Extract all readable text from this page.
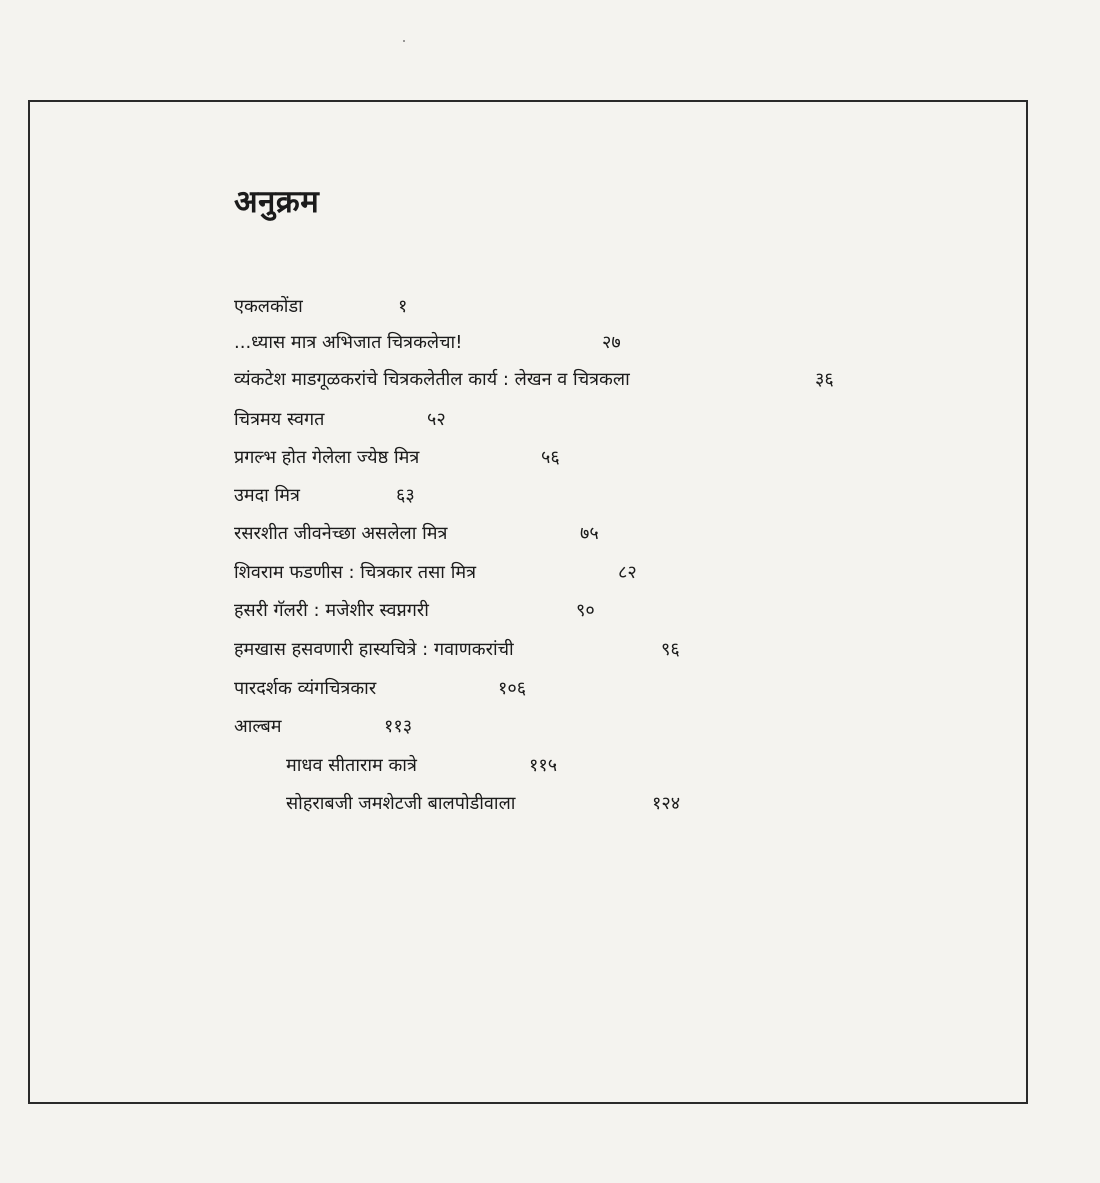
अनुक्रम
एकलकोंडा	१
...ध्यास मात्र अभिजात चित्रकलेचा!	२७
व्यंकटेश माडगूळकरांचे चित्रकलेतील कार्य : लेखन व चित्रकला	३६
चित्रमय स्वगत	५२
प्रगल्भ होत गेलेला ज्येष्ठ मित्र	५६
उमदा मित्र	६३
रसरशीत जीवनेच्छा असलेला मित्र	७५
शिवराम फडणीस : चित्रकार तसा मित्र	८२
हसरी गॅलरी : मजेशीर स्वप्नगरी	९०
हमखास हसवणारी हास्यचित्रे : गवाणकरांची	९६
पारदर्शक व्यंगचित्रकार	१०६
आल्बम	११३
माधव सीताराम कात्रे	११५
सोहराबजी जमशेटजी बालपोडीवाला	१२४
